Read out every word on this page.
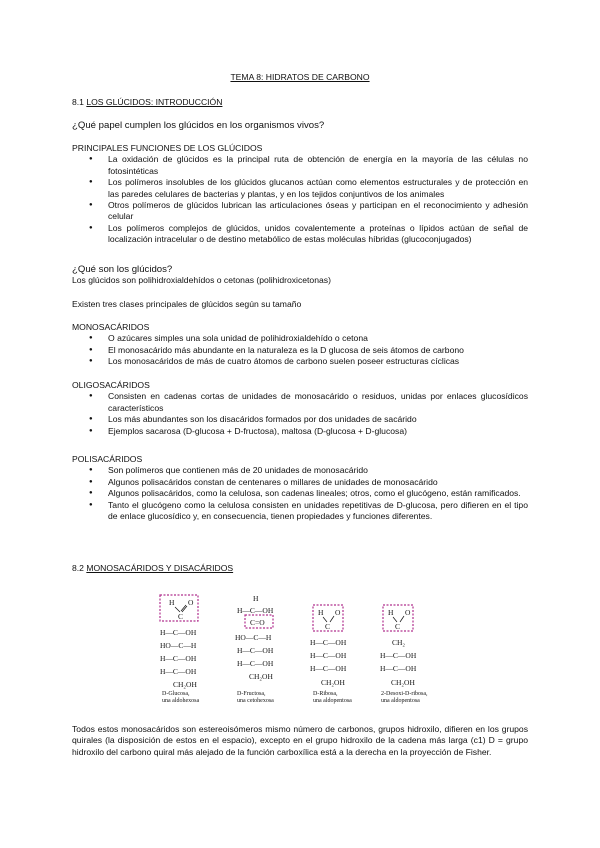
TEMA 8: HIDRATOS DE CARBONO
8.1 LOS GLÚCIDOS: INTRODUCCIÓN
¿Qué papel cumplen los glúcidos en los organismos vivos?
PRINCIPALES FUNCIONES DE LOS GLÚCIDOS
● La oxidación de glúcidos es la principal ruta de obtención de energía en la mayoría de las células no fotosintéticas
● Los polímeros insolubles de los glúcidos glucanos actúan como elementos estructurales y de protección en las paredes celulares de bacterias y plantas, y en los tejidos conjuntivos de los animales
● Otros polímeros de glúcidos lubrican las articulaciones óseas y participan en el reconocimiento y adhesión celular
● Los polímeros complejos de glúcidos, unidos covalentemente a proteínas o lípidos actúan de señal de localización intracelular o de destino metabólico de estas moléculas híbridas (glucoconjugados)
¿Qué son los glúcidos?
Los glúcidos son polihidroxialdehídos o cetonas (polihidroxicetonas)
Existen tres clases principales de glúcidos según su tamaño
MONOSACÁRIDOS
● O azúcares simples una sola unidad de polihidroxialdehído o cetona
● El monosacárido más abundante en la naturaleza es la D glucosa de seis átomos de carbono
● Los monosacáridos de más de cuatro átomos de carbono suelen poseer estructuras cíclicas
OLIGOSACÁRIDOS
● Consisten en cadenas cortas de unidades de monosacárido o residuos, unidas por enlaces glucosídicos característicos
● Los más abundantes son los disacáridos formados por dos unidades de sacárido
● Ejemplos sacarosa (D-glucosa + D-fructosa), maltosa (D-glucosa + D-glucosa)
POLISACÁRIDOS
● Son polímeros que contienen más de 20 unidades de monosacárido
● Algunos polisacáridos constan de centenares o millares de unidades de monosacárido
● Algunos polisacáridos, como la celulosa, son cadenas lineales; otros, como el glucógeno, están ramificados.
● Tanto el glucógeno como la celulosa consisten en unidades repetitivas de D-glucosa, pero difieren en el tipo de enlace glucosídico y, en consecuencia, tienen propiedades y funciones diferentes.
8.2 MONOSACÁRIDOS Y DISACÁRIDOS
H O
C
H—C—OH
HO—C—H
H—C—OH
H—C—OH
CH₂OH
D-Glucosa,
una aldohexosa
H
H—C—OH
C=O
HO—C—H
H—C—OH
H—C—OH
CH₂OH
D-Fructosa,
una cetohexosa
H O
C
H—C—OH
H—C—OH
H—C—OH
CH₂OH
D-Ribosa,
una aldopentosa
H O
C
CH₂
H—C—OH
H—C—OH
CH₂OH
2-Desoxi-D-ribosa,
una aldopentosa
Todos estos monosacáridos son estereoisómeros mismo número de carbonos, grupos hidroxilo, difieren en los grupos quirales (la disposición de estos en el espacio), excepto en el grupo hidroxilo de la cadena más larga (c1) D = grupo hidroxilo del carbono quiral más alejado de la función carboxílica está a la derecha en la proyección de Fisher.
